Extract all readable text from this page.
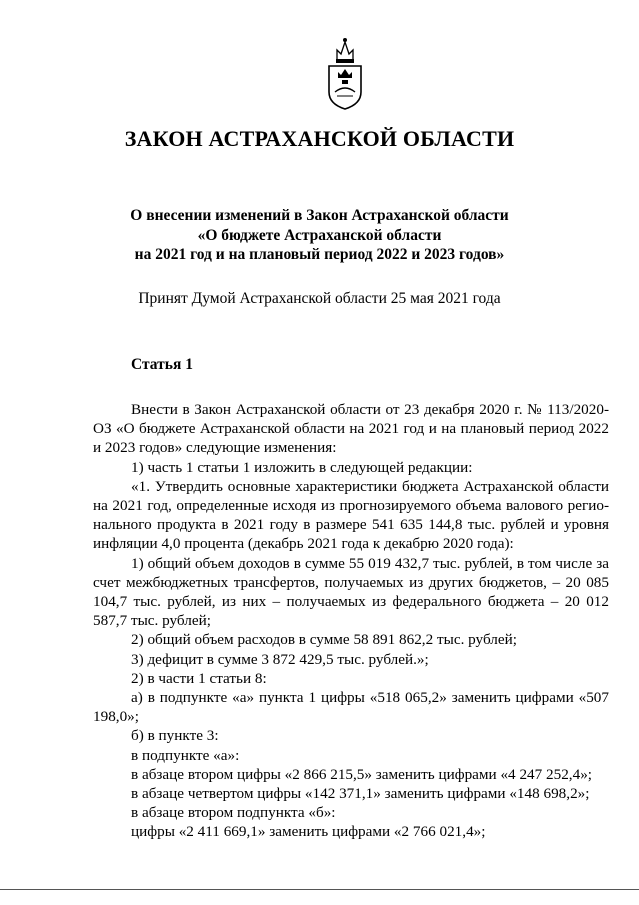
ЗАКОН АСТРАХАНСКОЙ ОБЛАСТИ
О внесении изменений в Закон Астраханской области
«О бюджете Астраханской области
на 2021 год и на плановый период 2022 и 2023 годов»
Принят Думой Астраханской области 25 мая 2021 года
Статья 1

Внести в Закон Астраханской области от 23 декабря 2020 г. № 113/2020-ОЗ «О бюджете Астраханской области на 2021 год и на плановый период 2022 и 2023 годов» следующие изменения:

1) часть 1 статьи 1 изложить в следующей редакции:

«1. Утвердить основные характеристики бюджета Астраханской области на 2021 год, определенные исходя из прогнозируемого объема валового регионального продукта в 2021 году в размере 541 635 144,8 тыс. рублей и уровня инфляции 4,0 процента (декабрь 2021 года к декабрю 2020 года):

1) общий объем доходов в сумме 55 019 432,7 тыс. рублей, в том числе за счет межбюджетных трансфертов, получаемых из других бюджетов, – 20 085 104,7 тыс. рублей, из них – получаемых из федерального бюджета – 20 012 587,7 тыс. рублей;

2) общий объем расходов в сумме 58 891 862,2 тыс. рублей;

3) дефицит в сумме 3 872 429,5 тыс. рублей.»;

2) в части 1 статьи 8:

а) в подпункте «а» пункта 1 цифры «518 065,2» заменить цифрами «507 198,0»;

б) в пункте 3:

в подпункте «а»:

в абзаце втором цифры «2 866 215,5» заменить цифрами «4 247 252,4»;

в абзаце четвертом цифры «142 371,1» заменить цифрами «148 698,2»;

в абзаце втором подпункта «б»:

цифры «2 411 669,1» заменить цифрами «2 766 021,4»;
